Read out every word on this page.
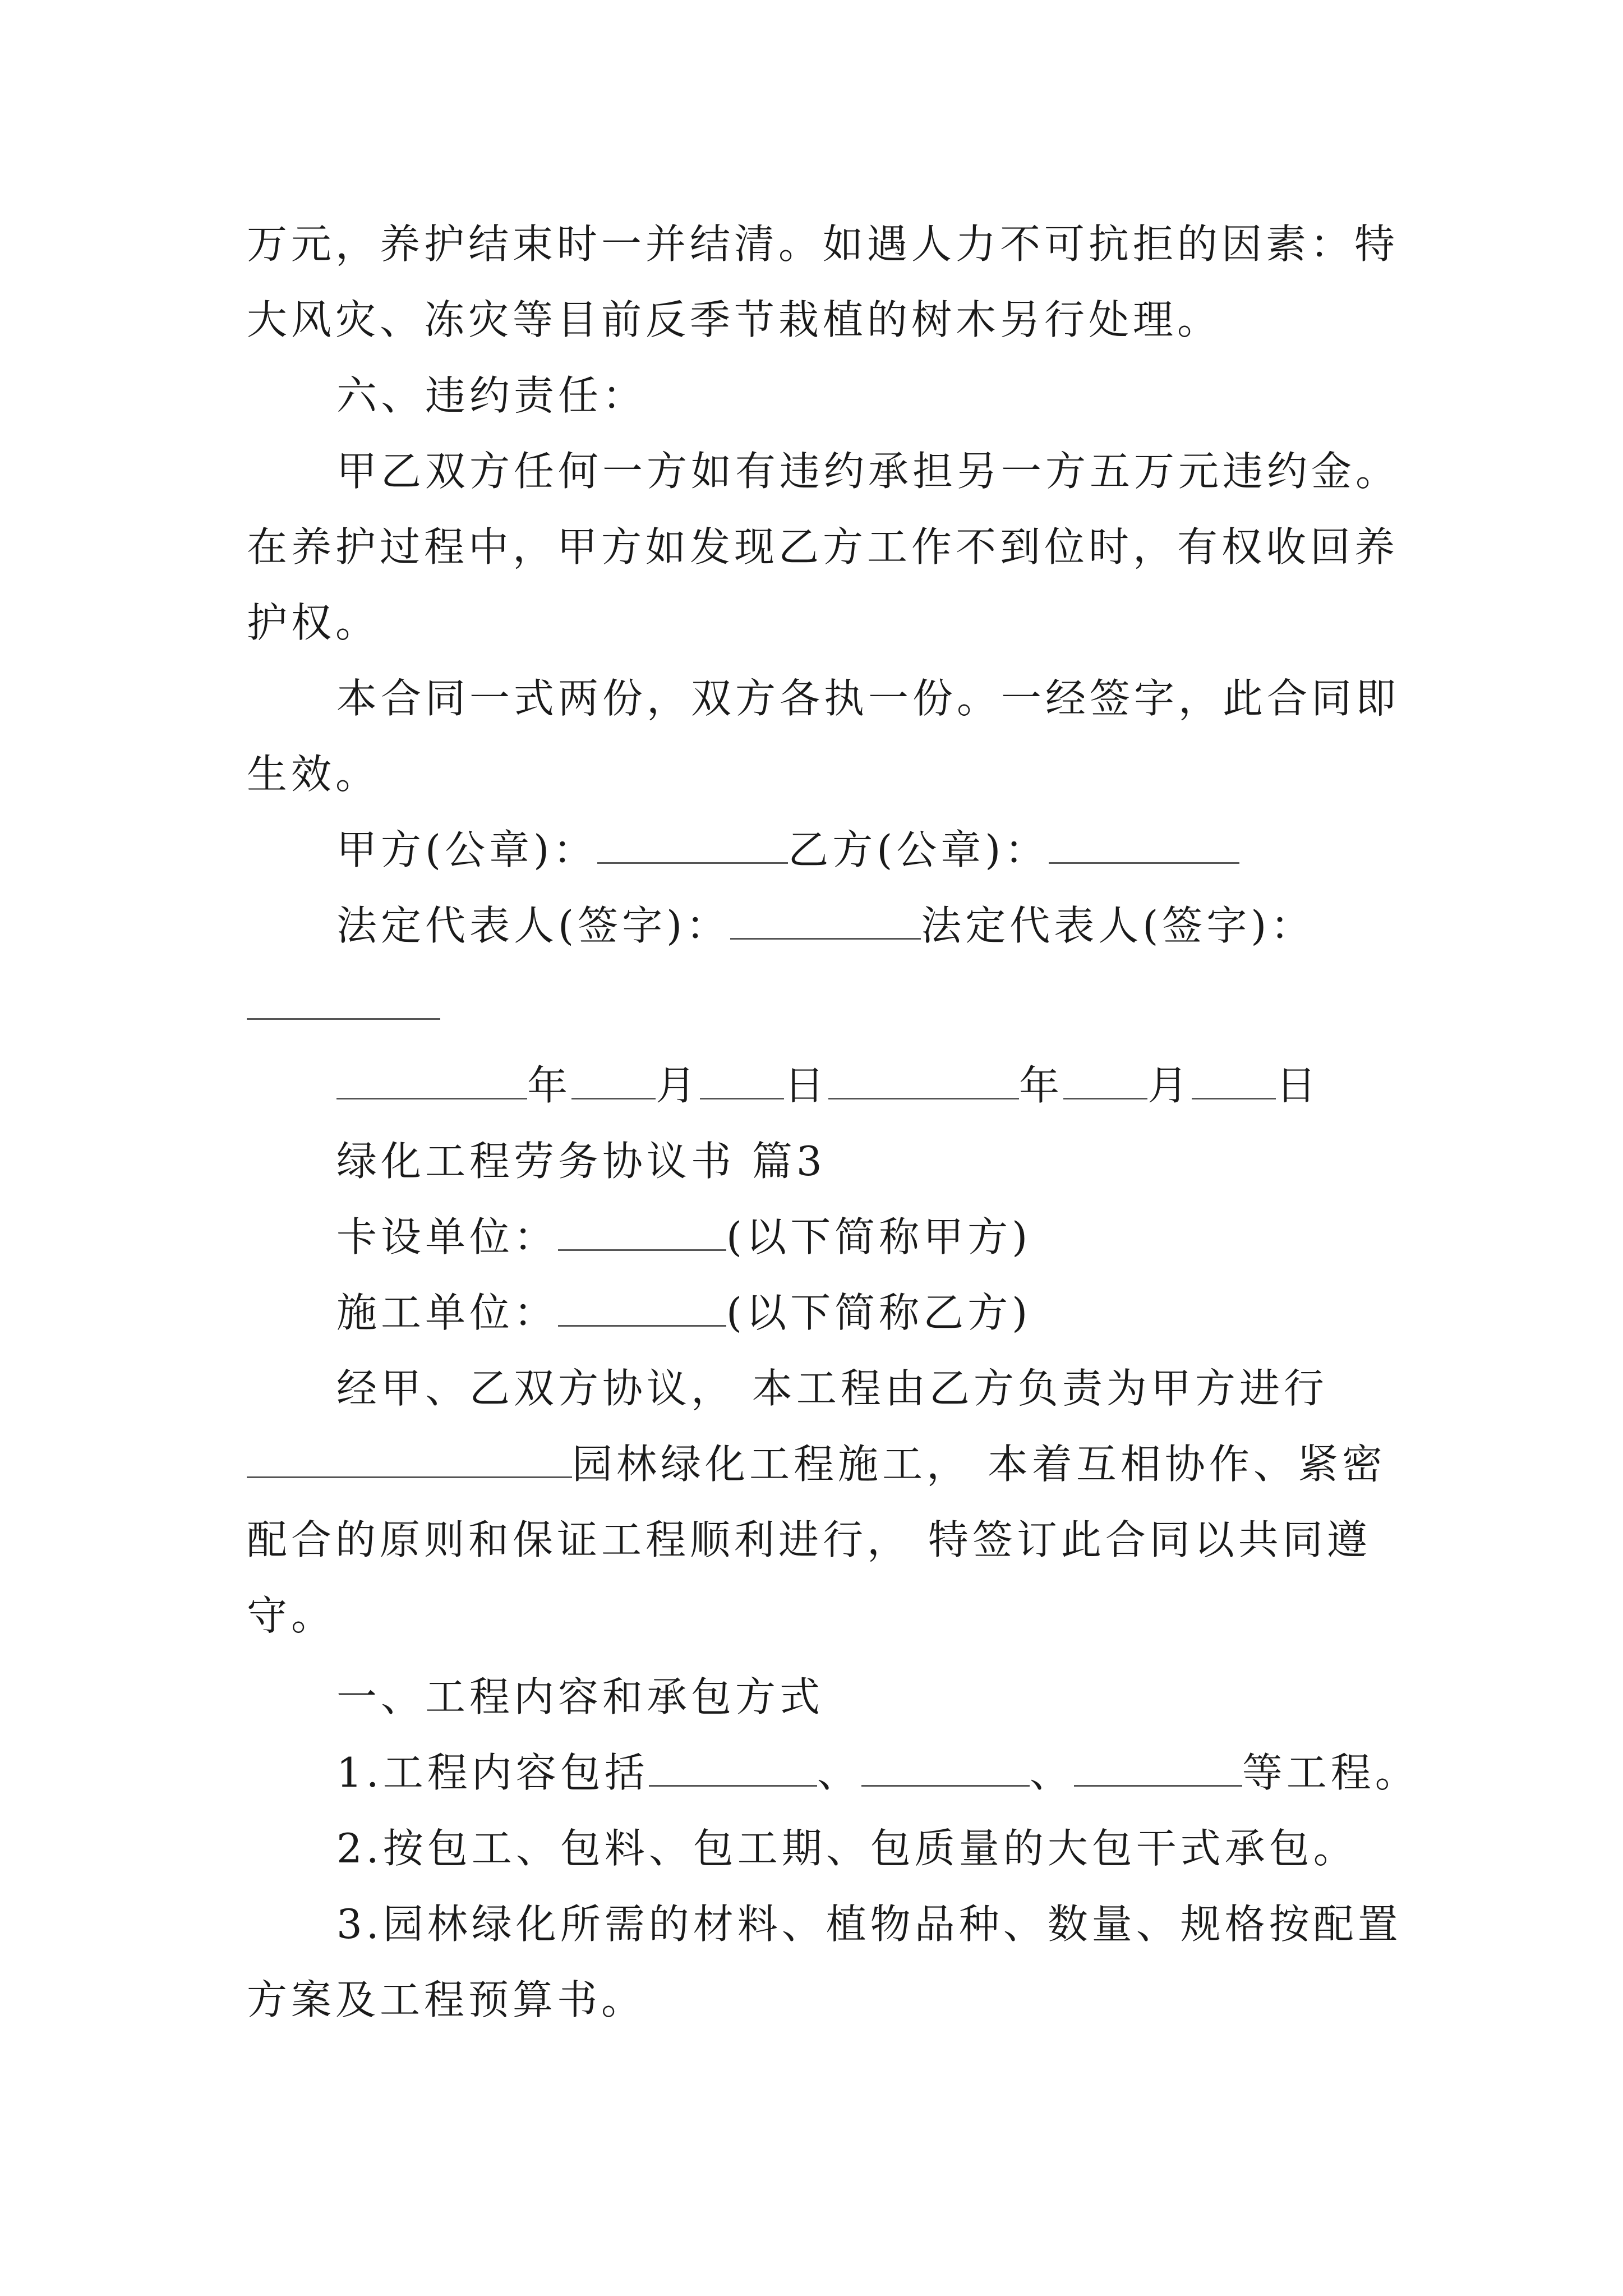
万元，养护结束时一并结清。如遇人力不可抗拒的因素：特
大风灾、冻灾等目前反季节栽植的树木另行处理。
六、违约责任：
甲乙双方任何一方如有违约承担另一方五万元违约金。
在养护过程中，甲方如发现乙方工作不到位时，有权收回养
护权。
本合同一式两份，双方各执一份。一经签字，此合同即
生效。
甲方(公章)：	乙方(公章)：
法定代表人(签字)：	法定代表人(签字)：
年 月 日	年 月 日
绿化工程劳务协议书 篇3
卡设单位：	(以下简称甲方)
施工单位：	(以下简称乙方)
经甲、乙双方协议， 本工程由乙方负责为甲方进行
园林绿化工程施工， 本着互相协作、紧密
配合的原则和保证工程顺利进行， 特签订此合同以共同遵
守。
一、工程内容和承包方式
1.工程内容包括	、	、	等工程。
2.按包工、包料、包工期、包质量的大包干式承包。
3.园林绿化所需的材料、植物品种、数量、规格按配置
方案及工程预算书。
